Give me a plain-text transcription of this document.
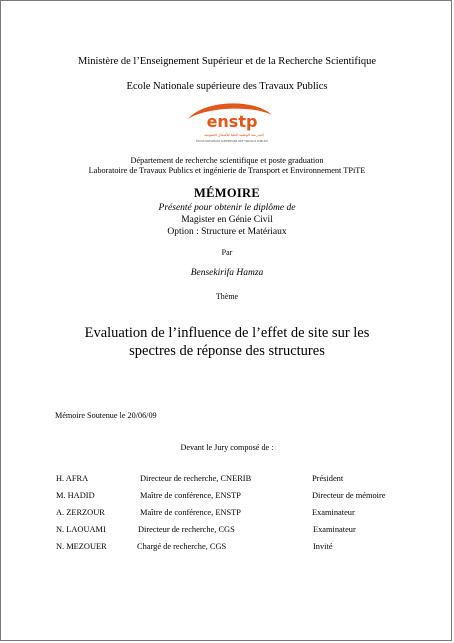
Ministère de l’Enseignement Supérieur et de la Recherche Scientifique
Ecole Nationale supérieure des Travaux Publics
enstp
المدرسة الوطنية العليا للأشغال العمومية
ÉCOLE NATIONALE SUPÉRIEURE DES TRAVAUX PUBLICS
Département de recherche scientifique et poste graduation
Laboratoire de Travaux Publics et ingénierie de Transport et Environnement TPiTE
MÉMOIRE
Présenté pour obtenir le diplôme de
Magister en Génie Civil
Option : Structure et Matériaux
Par
Bensekirifa Hamza
Thème
Evaluation de l’influence de l’effet de site sur les
spectres de réponse des structures
Mémoire Soutenue le 20/06/09
Devant le Jury composé de :
H. AFRA	Directeur de recherche, CNERIB	Président
M. HADID	Maître de conférence, ENSTP	Directeur de mémoire
A. ZERZOUR	Maître de conférence, ENSTP	Examinateur
N. LAOUAMI	Directeur de recherche, CGS	Examinateur
N. MEZOUER	Chargé de recherche, CGS	Invité
